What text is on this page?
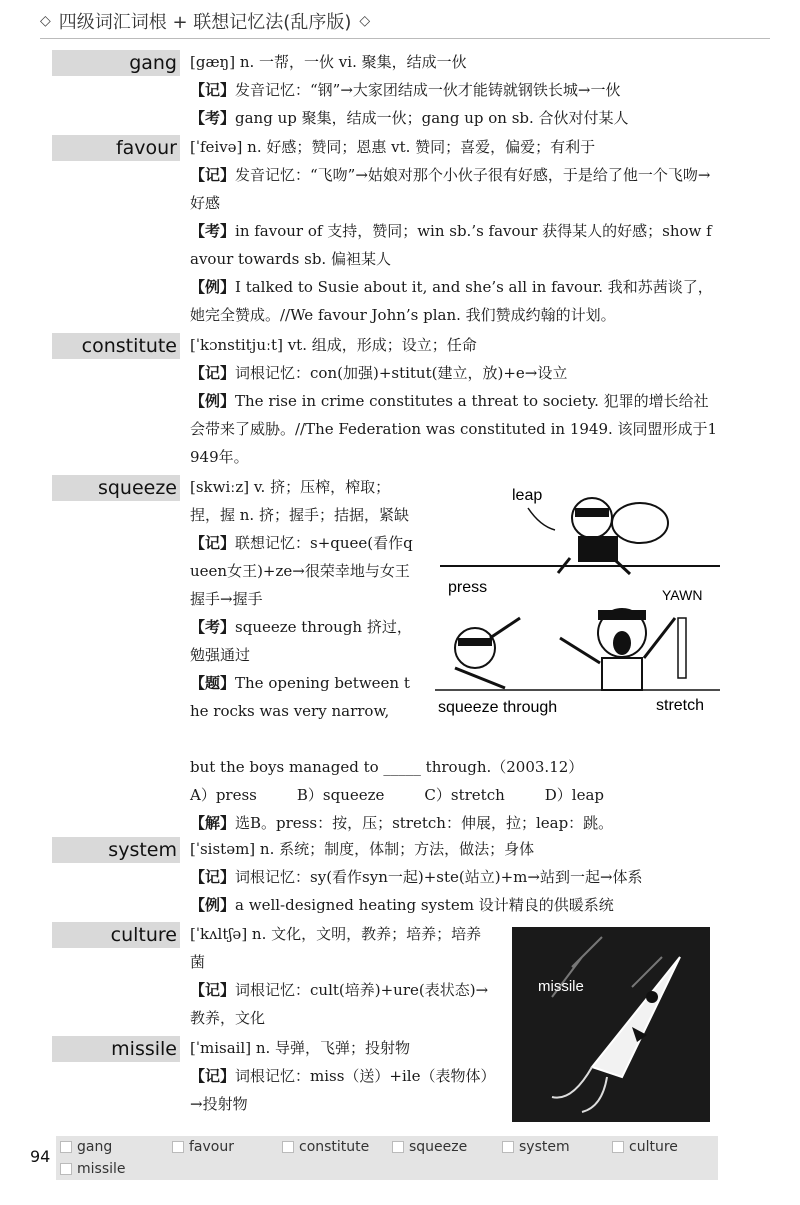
◇ 四级词汇词根 + 联想记忆法(乱序版) ◇
gang [gæŋ] n. 一帮，一伙 vi. 聚集，结成一伙
【记】发音记忆：“钢”→大家团结成一伙才能铸就钢铁长城→一伙
【考】gang up 聚集，结成一伙；gang up on sb. 合伙对付某人
favour [ˈfeivə] n. 好感；赞同；恩惠 vt. 赞同；喜爱，偏爱；有利于
【记】发音记忆：“飞吻”→姑娘对那个小伙子很有好感，于是给了他一个飞吻→好感
【考】in favour of 支持，赞同；win sb.’s favour 获得某人的好感；show favour towards sb. 偏袒某人
【例】I talked to Susie about it, and she’s all in favour. 我和苏茜谈了，她完全赞成。//We favour John’s plan. 我们赞成约翰的计划。
constitute [ˈkɔnstitjuːt] vt. 组成，形成；设立；任命
【记】词根记忆：con(加强)+stitut(建立，放)+e→设立
【例】The rise in crime constitutes a threat to society. 犯罪的增长给社会带来了威胁。//The Federation was constituted in 1949. 该同盟形成于1949年。
squeeze [skwiːz] v. 挤；压榨，榨取；捏，握 n. 挤；握手；拮据，紧缺
【记】联想记忆：s+quee(看作queen女王)+ze→很荣幸地与女王握手→握手
【考】squeeze through 挤过，勉强通过
【题】The opening between the rocks was very narrow,
but the boys managed to _____ through.（2003.12）
A）press	B）squeeze	C）stretch	D）leap
【解】选B。press：按，压；stretch：伸展，拉；leap：跳。
leap
press	YAWN
squeeze through	stretch
system [ˈsistəm] n. 系统；制度，体制；方法，做法；身体
【记】词根记忆：sy(看作syn一起)+ste(站立)+m→站到一起→体系
【例】a well-designed heating system 设计精良的供暖系统
culture [ˈkʌltʃə] n. 文化，文明，教养；培养；培养菌
【记】词根记忆：cult(培养)+ure(表状态)→教养，文化
missile [ˈmisail] n. 导弹，飞弹；投射物
【记】词根记忆：miss（送）+ile（表物体）→投射物
missile
94 gang	favour	constitute	squeeze	system	culture
missile
